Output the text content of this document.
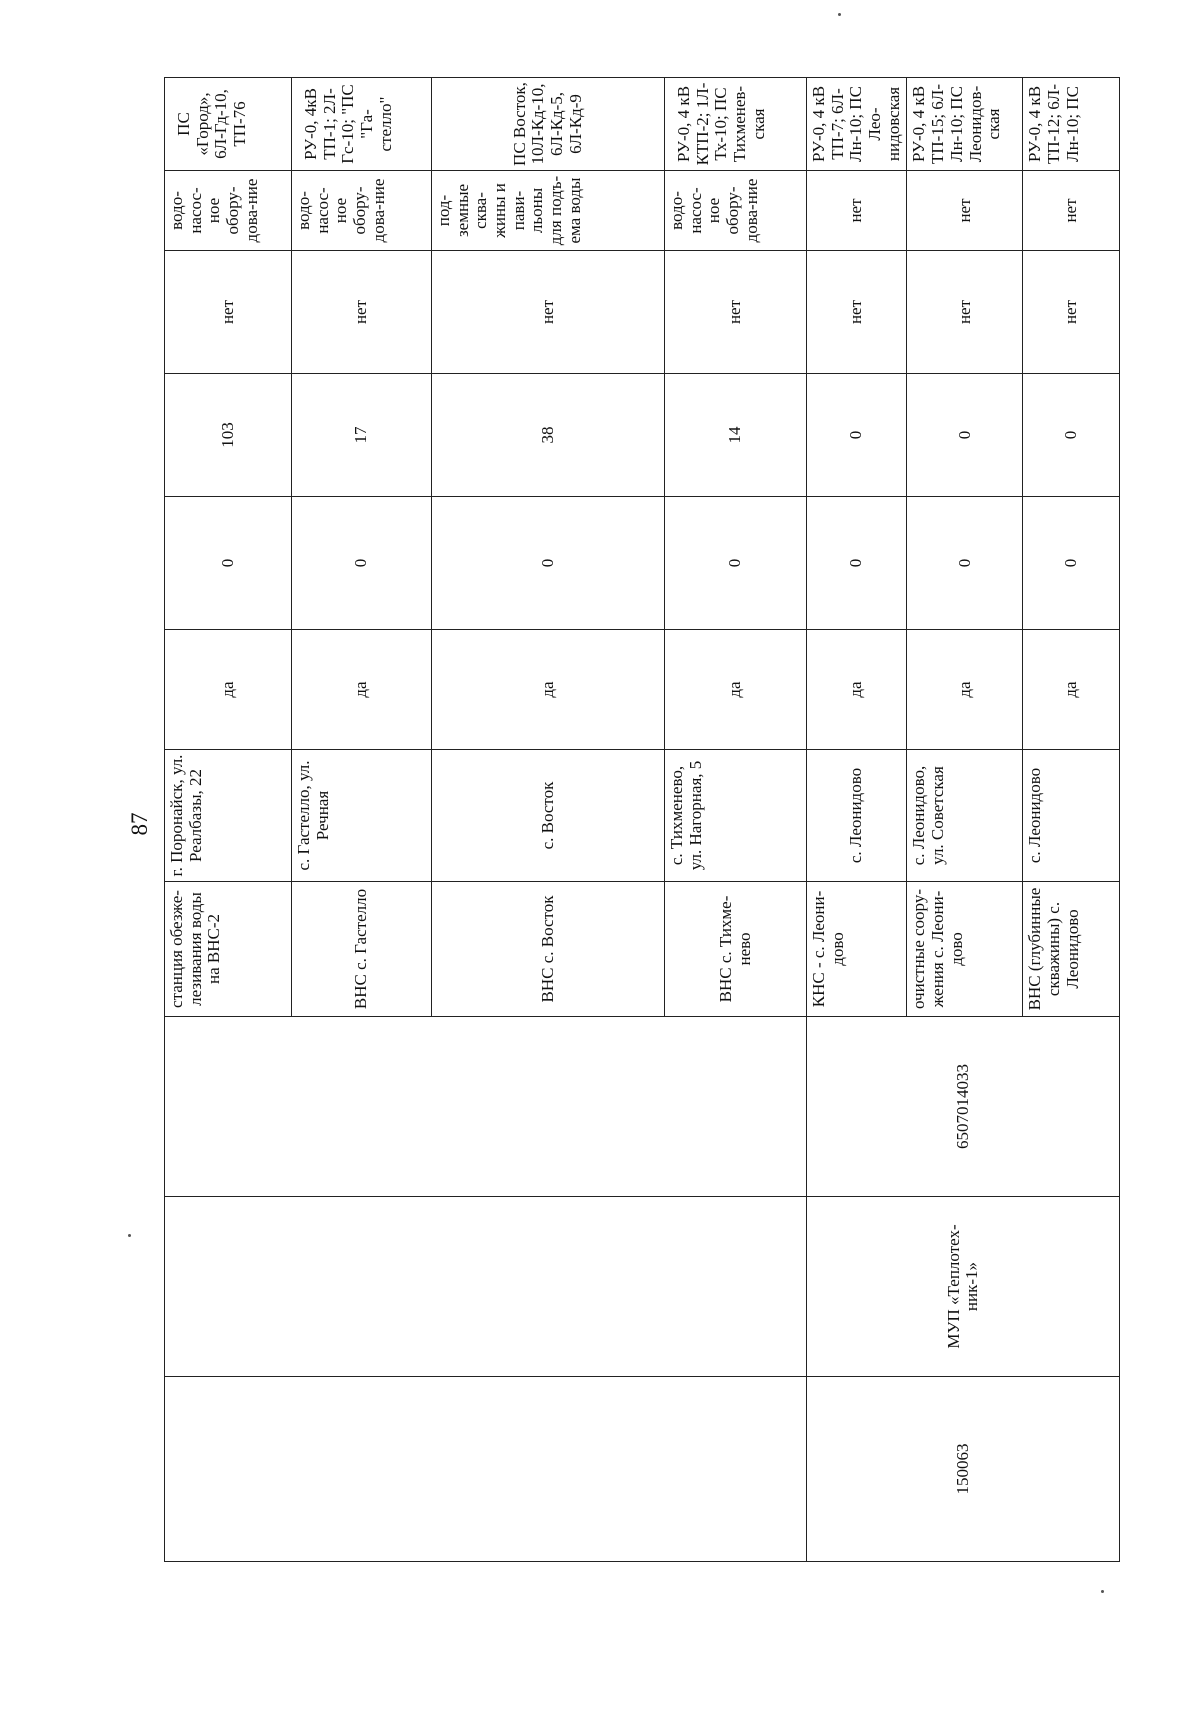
87
			станция обезже-лезивания воды на ВНС-2	г. Поронайск, ул. Реалбазы, 22	да	0	103	нет	водо-насос-ное обору-дова-ние	ПС «Город», 6Л-Гд-10, ТП-76
			ВНС с. Гастелло	с. Гастелло, ул. Речная	да	0	17	нет	водо-насос-ное обору-дова-ние	РУ-0, 4кВ ТП-1; 2Л-Гс-10; "ПС "Га-стелло"
			ВНС с. Восток	с. Восток	да	0	38	нет	под-земные сква-жины и пави-льоны для подъ-ема воды	ПС Восток, 10Л-Кд-10, 6Л-Кд-5, 6Л-Кд-9
			ВНС с. Тихме-нево	с. Тихменево, ул. Нагорная, 5	да	0	14	нет	водо-насос-ное обору-дова-ние	РУ-0, 4 кВ КТП-2; 1Л-Тх-10; ПС Тихменев-ская
150063	МУП «Теплотех-ник-1»	6507014033	КНС - с. Леони-дово	с. Леонидово	да	0	0	нет	нет	РУ-0, 4 кВ ТП-7; 6Л-Лн-10; ПС Лео-нидовская
			очистные соору-жения с. Леони-дово	с. Леонидово, ул. Советская	да	0	0	нет	нет	РУ-0, 4 кВ ТП-15; 6Л-Лн-10; ПС Леонидов-ская
			ВНС (глубинные скважины) с. Леонидово	с. Леонидово	да	0	0	нет	нет	РУ-0, 4 кВ ТП-12; 6Л-Лн-10; ПС
